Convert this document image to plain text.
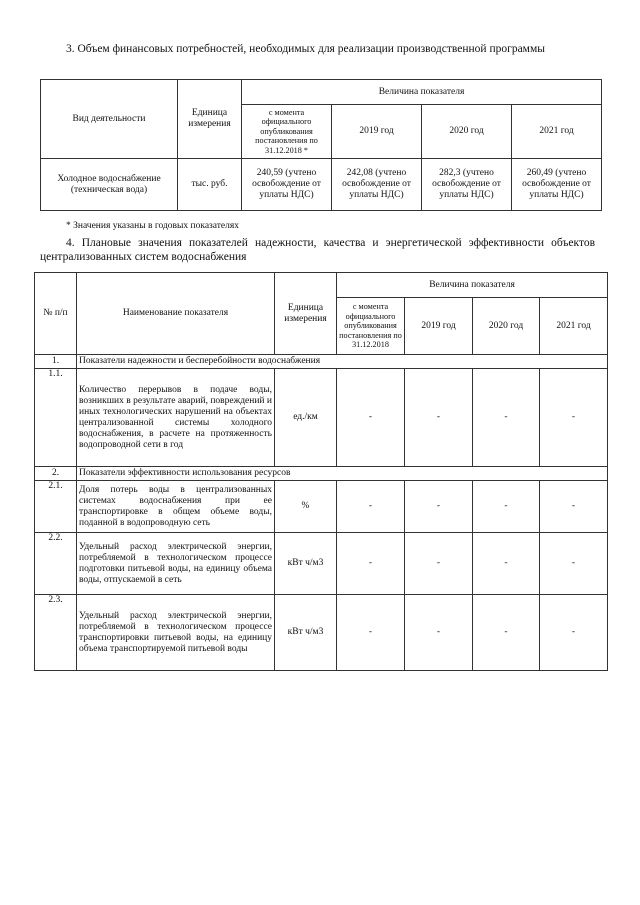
3. Объем финансовых потребностей, необходимых для реализации производственной программы
Вид деятельности	Единица измерения	Величина показателя			
		с момента официального опубликования постановления по 31.12.2018 *	2019 год	2020 год	2021 год
Холодное водоснабжение (техническая вода)	тыс. руб.	240,59 (учтено освобождение от уплаты НДС)	242,08 (учтено освобождение от уплаты НДС)	282,3 (учтено освобождение от уплаты НДС)	260,49 (учтено освобождение от уплаты НДС)
* Значения указаны в годовых показателях
4. Плановые значения показателей надежности, качества и энергетической эффективности объектов централизованных систем водоснабжения
№ п/п	Наименование показателя	Единица измерения	Величина показателя			
			с момента официального опубликования постановления по 31.12.2018	2019 год	2020 год	2021 год
1.	Показатели надежности и бесперебойности водоснабжения					
1.1.	Количество перерывов в подаче воды, возникших в результате аварий, повреждений и иных технологических нарушений на объектах централизованной системы холодного водоснабжения, в расчете на протяженность водопроводной сети в год	ед./км	-	-	-	-
2.	Показатели эффективности использования ресурсов					
2.1.	Доля потерь воды в централизованных системах водоснабжения при ее транспортировке в общем объеме воды, поданной в водопроводную сеть	%	-	-	-	-
2.2.	Удельный расход электрической энергии, потребляемой в технологическом процессе подготовки питьевой воды, на единицу объема воды, отпускаемой в сеть	кВт ч/м3	-	-	-	-
2.3.	Удельный расход электрической энергии, потребляемой в технологическом процессе транспортировки питьевой воды, на единицу объема транспортируемой питьевой воды	кВт ч/м3	-	-	-	-
